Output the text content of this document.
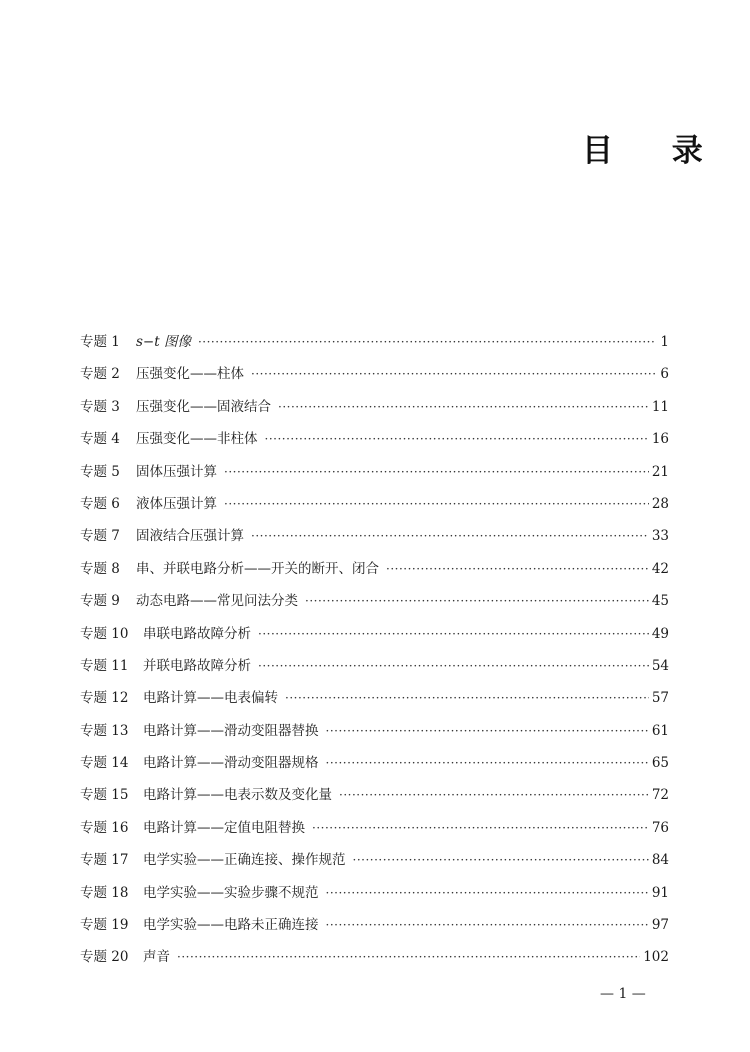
目 录
专题 1	s−t 图像 ·····	1
专题 2	压强变化——柱体 ·····	6
专题 3	压强变化——固液结合 ·····	11
专题 4	压强变化——非柱体 ·····	16
专题 5	固体压强计算 ·····	21
专题 6	液体压强计算 ·····	28
专题 7	固液结合压强计算 ·····	33
专题 8	串、并联电路分析——开关的断开、闭合 ·····	42
专题 9	动态电路——常见问法分类 ·····	45
专题 10	串联电路故障分析 ·····	49
专题 11	并联电路故障分析 ·····	54
专题 12	电路计算——电表偏转 ·····	57
专题 13	电路计算——滑动变阻器替换 ·····	61
专题 14	电路计算——滑动变阻器规格 ·····	65
专题 15	电路计算——电表示数及变化量 ·····	72
专题 16	电路计算——定值电阻替换 ·····	76
专题 17	电学实验——正确连接、操作规范 ·····	84
专题 18	电学实验——实验步骤不规范 ·····	91
专题 19	电学实验——电路未正确连接 ·····	97
专题 20	声音 ·····	102
— 1 —
